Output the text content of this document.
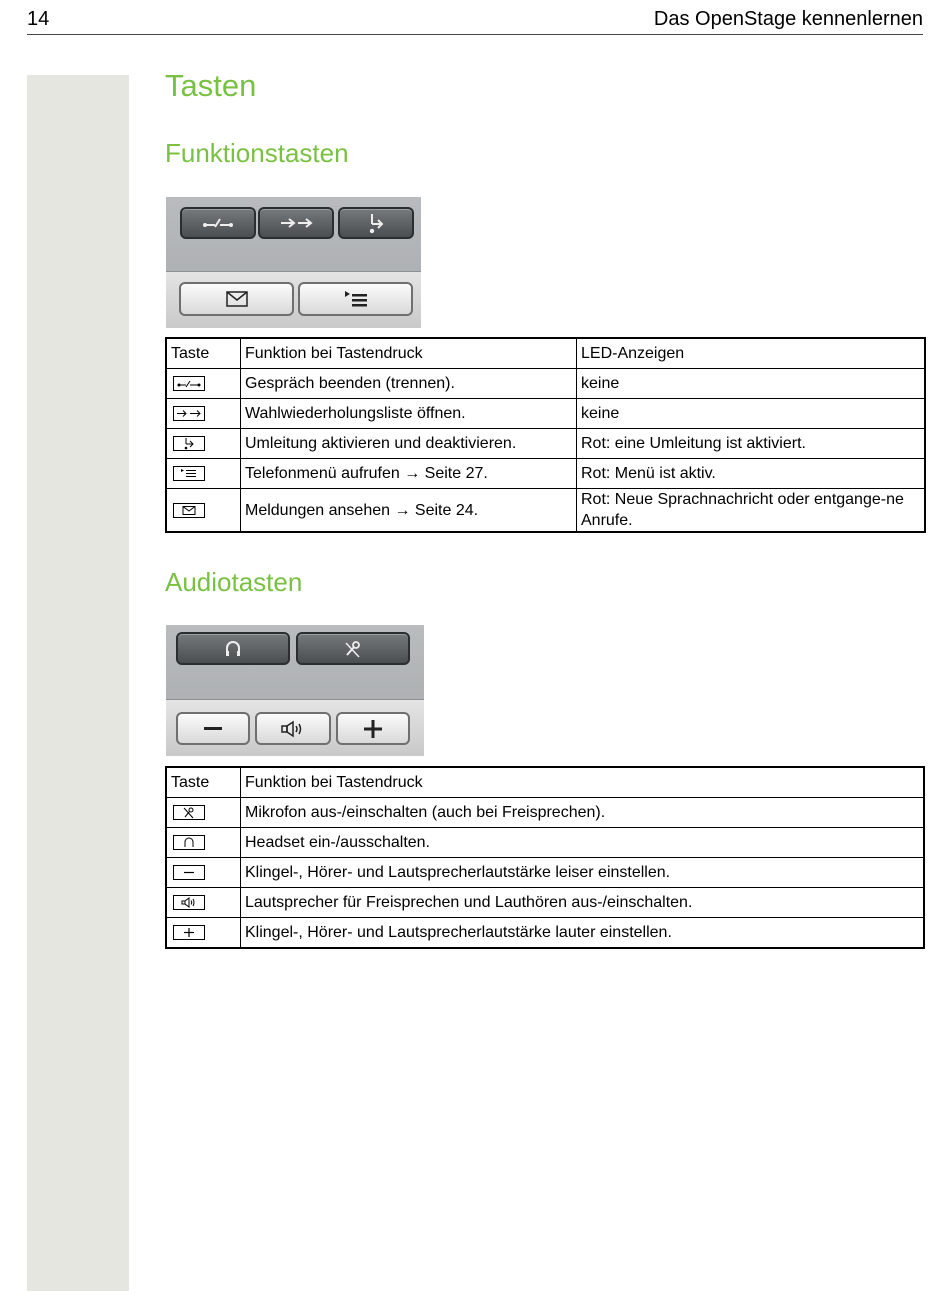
14	Das OpenStage kennenlernen
Tasten
Funktionstasten
Taste	Funktion bei Tastendruck	LED-Anzeigen

	Gespräch beenden (trennen).	keine

	Wahlwiederholungsliste öffnen.	keine

	Umleitung aktivieren und deaktivieren.	Rot: eine Umleitung ist aktiviert.

	Telefonmenü aufrufen → Seite 27.	Rot: Menü ist aktiv.

	Meldungen ansehen → Seite 24.	Rot: Neue Sprachnachricht oder entgange-ne Anrufe.
Audiotasten
Taste	Funktion bei Tastendruck

	Mikrofon aus-/einschalten (auch bei Freisprechen).

	Headset ein-/ausschalten.

	Klingel-, Hörer- und Lautsprecherlautstärke leiser einstellen.

	Lautsprecher für Freisprechen und Lauthören aus-/einschalten.

	Klingel-, Hörer- und Lautsprecherlautstärke lauter einstellen.
